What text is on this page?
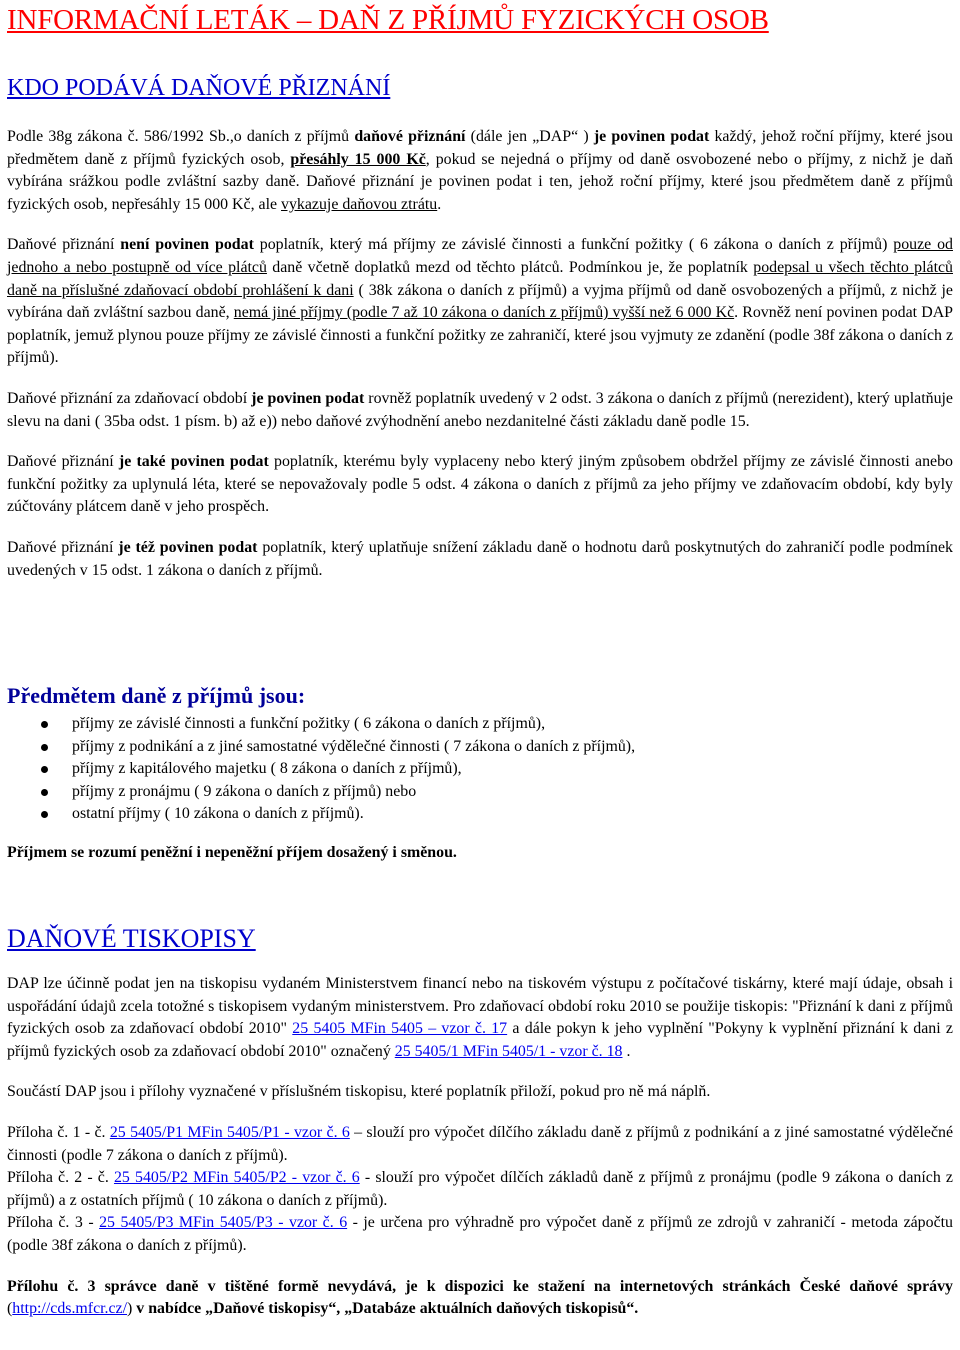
INFORMAČNÍ LETÁK – DAŇ Z PŘÍJMŮ FYZICKÝCH OSOB
KDO PODÁVÁ DAŇOVÉ PŘIZNÁNÍ

Podle 38g zákona č. 586/1992 Sb.,o daních z příjmů daňové přiznání (dále jen „DAP“ ) je povinen podat každý, jehož roční příjmy, které jsou předmětem daně z příjmů fyzických osob, přesáhly 15 000 Kč, pokud se nejedná o příjmy od daně osvobozené nebo o příjmy, z nichž je daň vybírána srážkou podle zvláštní sazby daně. Daňové přiznání je povinen podat i ten, jehož roční příjmy, které jsou předmětem daně z příjmů fyzických osob, nepřesáhly 15 000 Kč, ale vykazuje daňovou ztrátu.

Daňové přiznání není povinen podat poplatník, který má příjmy ze závislé činnosti a funkční požitky ( 6 zákona o daních z příjmů) pouze od jednoho a nebo postupně od více plátců daně včetně doplatků mezd od těchto plátců. Podmínkou je, že poplatník podepsal u všech těchto plátců daně na příslušné zdaňovací období prohlášení k dani ( 38k zákona o daních z příjmů) a vyjma příjmů od daně osvobozených a příjmů, z nichž je vybírána daň zvláštní sazbou daně, nemá jiné příjmy (podle 7 až 10 zákona o daních z příjmů) vyšší než 6 000 Kč. Rovněž není povinen podat DAP poplatník, jemuž plynou pouze příjmy ze závislé činnosti a funkční požitky ze zahraničí, které jsou vyjmuty ze zdanění (podle 38f zákona o daních z příjmů).

Daňové přiznání za zdaňovací období je povinen podat rovněž poplatník uvedený v 2 odst. 3 zákona o daních z příjmů (nerezident), který uplatňuje slevu na dani ( 35ba odst. 1 písm. b) až e)) nebo daňové zvýhodnění anebo nezdanitelné části základu daně podle 15.

Daňové přiznání je také povinen podat poplatník, kterému byly vyplaceny nebo který jiným způsobem obdržel příjmy ze závislé činnosti anebo funkční požitky za uplynulá léta, které se nepovažovaly podle 5 odst. 4 zákona o daních z příjmů za jeho příjmy ve zdaňovacím období, kdy byly zúčtovány plátcem daně v jeho prospěch.

Daňové přiznání je též povinen podat poplatník, který uplatňuje snížení základu daně o hodnotu darů poskytnutých do zahraničí podle podmínek uvedených v 15 odst. 1 zákona o daních z příjmů.

Předmětem daně z příjmů jsou:
příjmy ze závislé činnosti a funkční požitky ( 6 zákona o daních z příjmů),
příjmy z podnikání a z jiné samostatné výdělečné činnosti ( 7 zákona o daních z příjmů),
příjmy z kapitálového majetku ( 8 zákona o daních z příjmů),
příjmy z pronájmu ( 9 zákona o daních z příjmů) nebo
ostatní příjmy ( 10 zákona o daních z příjmů).

Příjmem se rozumí peněžní i nepeněžní příjem dosažený i směnou.

DAŇOVÉ TISKOPISY

DAP lze účinně podat jen na tiskopisu vydaném Ministerstvem financí nebo na tiskovém výstupu z počítačové tiskárny, které mají údaje, obsah i uspořádání údajů zcela totožné s tiskopisem vydaným ministerstvem. Pro zdaňovací období roku 2010 se použije tiskopis: "Přiznání k dani z příjmů fyzických osob za zdaňovací období 2010" 25 5405 MFin 5405 – vzor č. 17 a dále pokyn k jeho vyplnění "Pokyny k vyplnění přiznání k dani z příjmů fyzických osob za zdaňovací období 2010" označený 25 5405/1 MFin 5405/1 - vzor č. 18 .

Součástí DAP jsou i přílohy vyznačené v příslušném tiskopisu, které poplatník přiloží, pokud pro ně má náplň.

Příloha č. 1 - č. 25 5405/P1 MFin 5405/P1 - vzor č. 6 – slouží pro výpočet dílčího základu daně z příjmů z podnikání a z jiné samostatné výdělečné činnosti (podle 7 zákona o daních z příjmů).

Příloha č. 2 - č. 25 5405/P2 MFin 5405/P2 - vzor č. 6 - slouží pro výpočet dílčích základů daně z příjmů z pronájmu (podle 9 zákona o daních z příjmů) a z ostatních příjmů ( 10 zákona o daních z příjmů).

Příloha č. 3 - 25 5405/P3 MFin 5405/P3 - vzor č. 6 - je určena pro výhradně pro výpočet daně z příjmů ze zdrojů v zahraničí - metoda zápočtu (podle 38f zákona o daních z příjmů).

Přílohu č. 3 správce daně v tištěné formě nevydává, je k dispozici ke stažení na internetových stránkách České daňové správy (http://cds.mfcr.cz/) v nabídce „Daňové tiskopisy“, „Databáze aktuálních daňových tiskopisů“.
